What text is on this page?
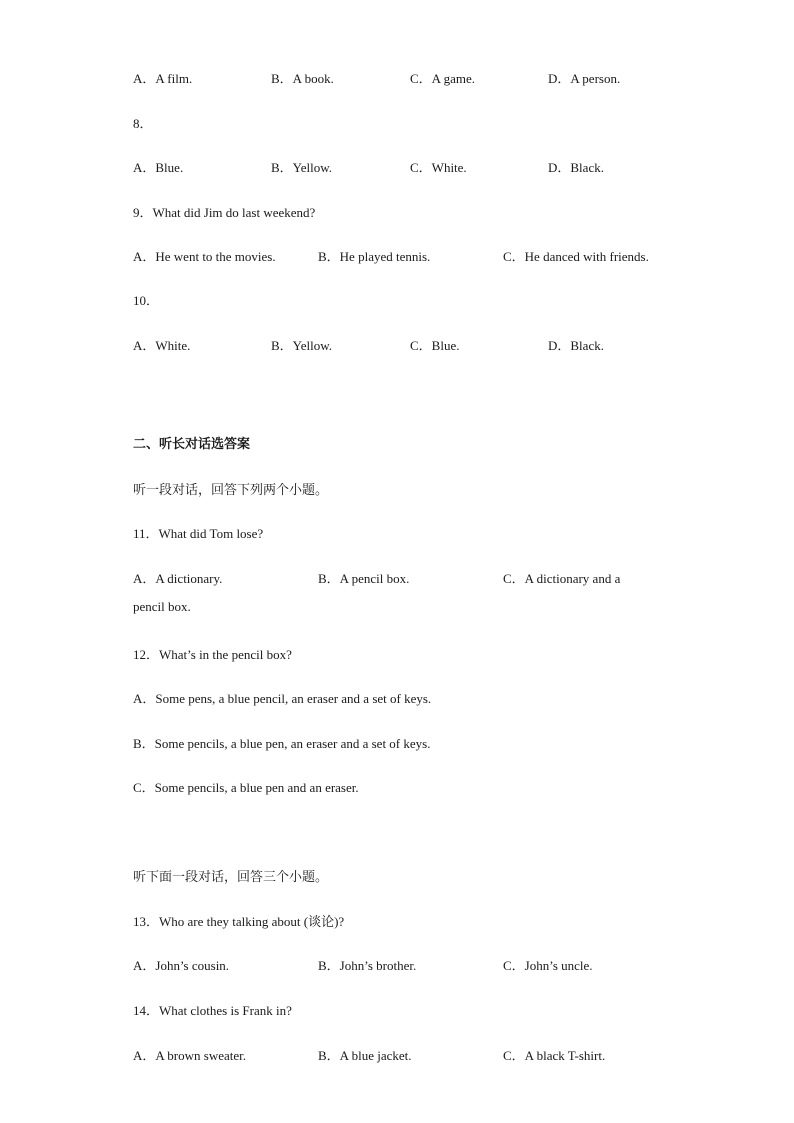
A．A film.	B．A book.	C．A game.	D．A person.
8．
A．Blue.	B．Yellow.	C．White.	D．Black.
9．What did Jim do last weekend?
A．He went to the movies.	B．He played tennis.	C．He danced with friends.
10．
A．White.	B．Yellow.	C．Blue.	D．Black.
二、听长对话选答案
听一段对话，回答下列两个小题。
11．What did Tom lose?
A．A dictionary.	B．A pencil box.	C．A dictionary and a
pencil box.
12．What’s in the pencil box?
A．Some pens, a blue pencil, an eraser and a set of keys.
B．Some pencils, a blue pen, an eraser and a set of keys.
C．Some pencils, a blue pen and an eraser.
听下面一段对话，回答三个小题。
13．Who are they talking about (谈论)?
A．John’s cousin.	B．John’s brother.	C．John’s uncle.
14．What clothes is Frank in?
A．A brown sweater.	B．A blue jacket.	C．A black T-shirt.
